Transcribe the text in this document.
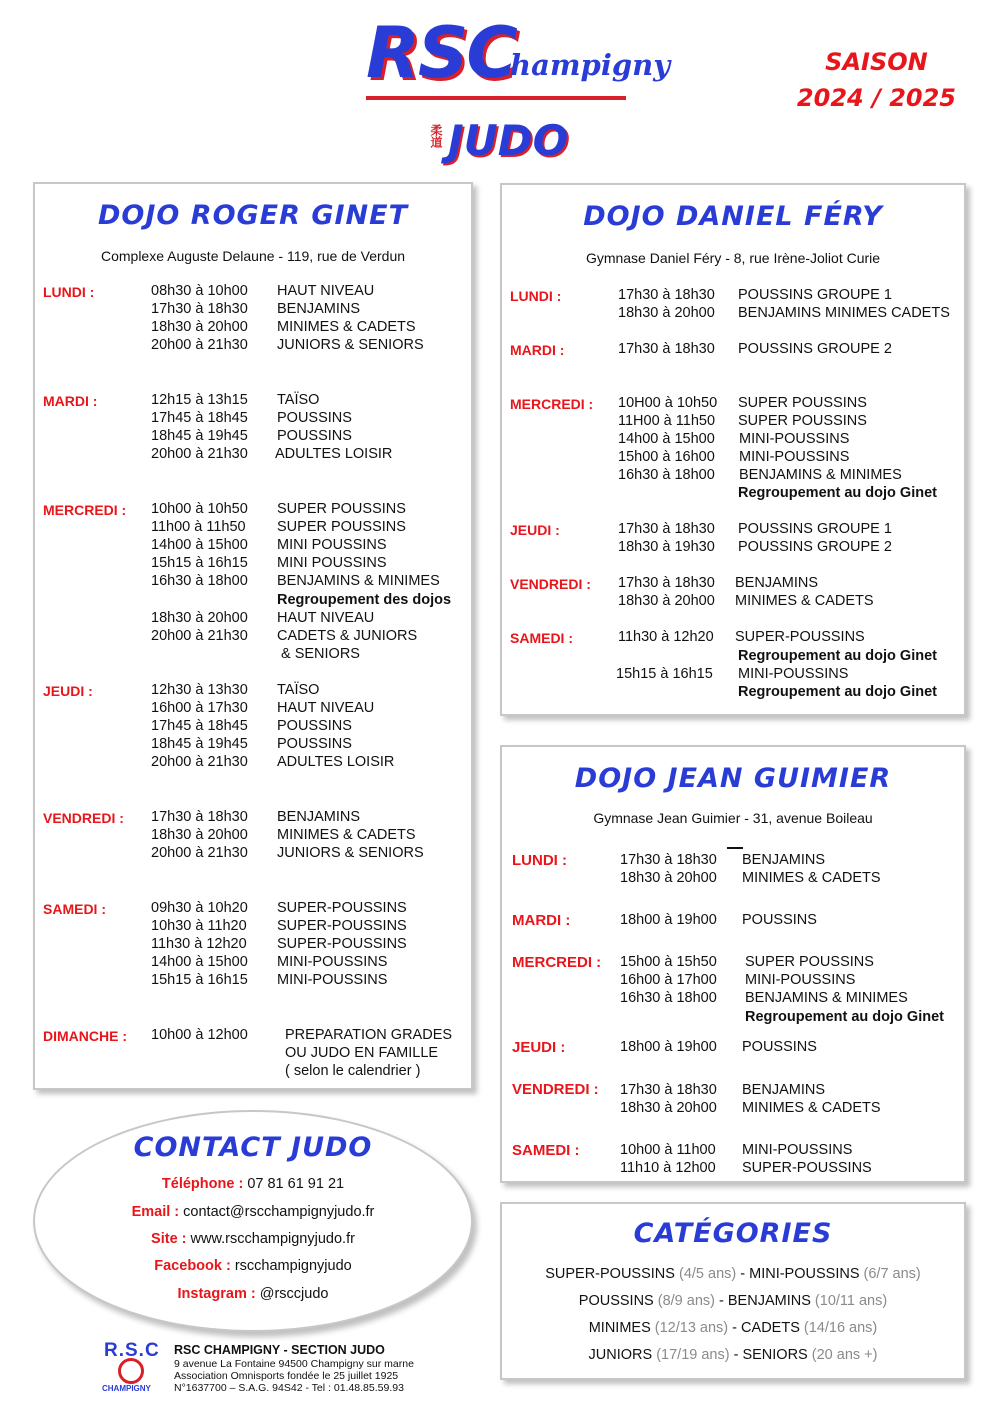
RSC
hampigny
柔道 JUDO
SAISON
2024 / 2025
DOJO ROGER GINET
Complexe Auguste Delaune - 119, rue de Verdun
LUNDI :	08h30 à 10h00 HAUT NIVEAU
17h30 à 18h30 BENJAMINS
18h30 à 20h00 MINIMES & CADETS
20h00 à 21h30 JUNIORS & SENIORS
MARDI :	12h15 à 13h15 TAÏSO
17h45 à 18h45 POUSSINS
18h45 à 19h45 POUSSINS
20h00 à 21h30 ADULTES LOISIR
MERCREDI : 10h00 à 10h50 SUPER POUSSINS
11h00 à 11h50 SUPER POUSSINS
14h00 à 15h00 MINI POUSSINS
15h15 à 16h15 MINI POUSSINS
16h30 à 18h00 BENJAMINS & MINIMES
Regroupement des dojos
18h30 à 20h00 HAUT NIVEAU
20h00 à 21h30 CADETS & JUNIORS
& SENIORS
JEUDI :	12h30 à 13h30 TAÏSO
16h00 à 17h30 HAUT NIVEAU
17h45 à 18h45 POUSSINS
18h45 à 19h45 POUSSINS
20h00 à 21h30 ADULTES LOISIR
VENDREDI : 17h30 à 18h30 BENJAMINS
18h30 à 20h00 MINIMES & CADETS
20h00 à 21h30 JUNIORS & SENIORS
SAMEDI :	09h30 à 10h20 SUPER-POUSSINS
10h30 à 11h20 SUPER-POUSSINS
11h30 à 12h20 SUPER-POUSSINS
14h00 à 15h00 MINI-POUSSINS
15h15 à 16h15 MINI-POUSSINS
DIMANCHE : 10h00 à 12h00	PREPARATION GRADES
OU JUDO EN FAMILLE
( selon le calendrier )
DOJO DANIEL FÉRY
Gymnase Daniel Féry - 8, rue Irène-Joliot Curie
LUNDI :	17h30 à 18h30 POUSSINS GROUPE 1
18h30 à 20h00 BENJAMINS MINIMES CADETS
MARDI :	17h30 à 18h30 POUSSINS GROUPE 2
MERCREDI : 10H00 à 10h50 SUPER POUSSINS
11H00 à 11h50 SUPER POUSSINS
14h00 à 15h00 MINI-POUSSINS
15h00 à 16h00 MINI-POUSSINS
16h30 à 18h00 BENJAMINS & MINIMES
Regroupement au dojo Ginet
JEUDI :	17h30 à 18h30 POUSSINS GROUPE 1
18h30 à 19h30 POUSSINS GROUPE 2
VENDREDI : 17h30 à 18h30 BENJAMINS
18h30 à 20h00 MINIMES & CADETS
SAMEDI :	11h30 à 12h20 SUPER-POUSSINS
Regroupement au dojo Ginet
15h15 à 16h15 MINI-POUSSINS
Regroupement au dojo Ginet
DOJO JEAN GUIMIER
Gymnase Jean Guimier - 31, avenue Boileau
LUNDI :	17h30 à 18h30 BENJAMINS
18h30 à 20h00 MINIMES & CADETS
MARDI :	18h00 à 19h00 POUSSINS
MERCREDI : 15h00 à 15h50 SUPER POUSSINS
16h00 à 17h00 MINI-POUSSINS
16h30 à 18h00 BENJAMINS & MINIMES
Regroupement au dojo Ginet
JEUDI :	18h00 à 19h00 POUSSINS
VENDREDI : 17h30 à 18h30 BENJAMINS
18h30 à 20h00 MINIMES & CADETS
SAMEDI :	10h00 à 11h00 MINI-POUSSINS
11h10 à 12h00 SUPER-POUSSINS
CONTACT JUDO
Téléphone : 07 81 61 91 21
Email : contact@rscchampignyjudo.fr
Site : www.rscchampignyjudo.fr
Facebook : rscchampignyjudo
Instagram : @rsccjudo
R.S.C
CHAMPIGNY
RSC CHAMPIGNY - SECTION JUDO
9 avenue La Fontaine 94500 Champigny sur marne
Association Omnisports fondée le 25 juillet 1925
N°1637700 – S.A.G. 94S42 - Tel : 01.48.85.59.93
CATÉGORIES
SUPER-POUSSINS (4/5 ans) - MINI-POUSSINS (6/7 ans)
POUSSINS (8/9 ans) - BENJAMINS (10/11 ans)
MINIMES (12/13 ans) - CADETS (14/16 ans)
JUNIORS (17/19 ans) - SENIORS (20 ans +)
